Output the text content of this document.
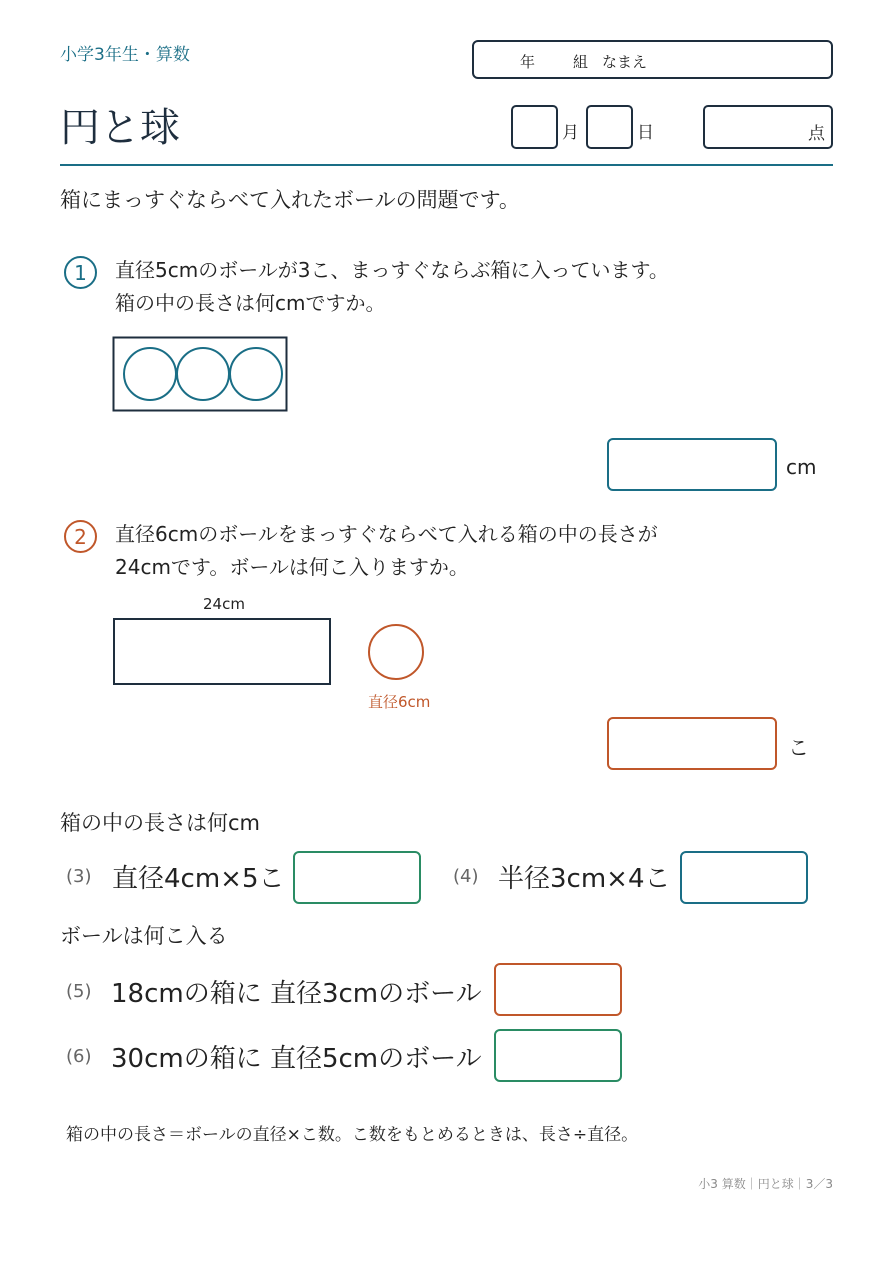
小学3年生・算数	年	組 なまえ
円と球	月	日	点
箱にまっすぐならべて入れたボールの問題です。
1 直径5cmのボールが3こ、まっすぐならぶ箱に入っています。
箱の中の長さは何cmですか。
cm
2 直径6cmのボールをまっすぐならべて入れる箱の中の長さが
24cmです。ボールは何こ入りますか。
24cm
直径6cm
こ
箱の中の長さは何cm
(3) 直径4cm×5こ	(4) 半径3cm×4こ
ボールは何こ入る
(5) 18cmの箱に 直径3cmのボール
(6) 30cmの箱に 直径5cmのボール
箱の中の長さ＝ボールの直径×こ数。こ数をもとめるときは、長さ÷直径。
小3 算数｜円と球｜3／3
